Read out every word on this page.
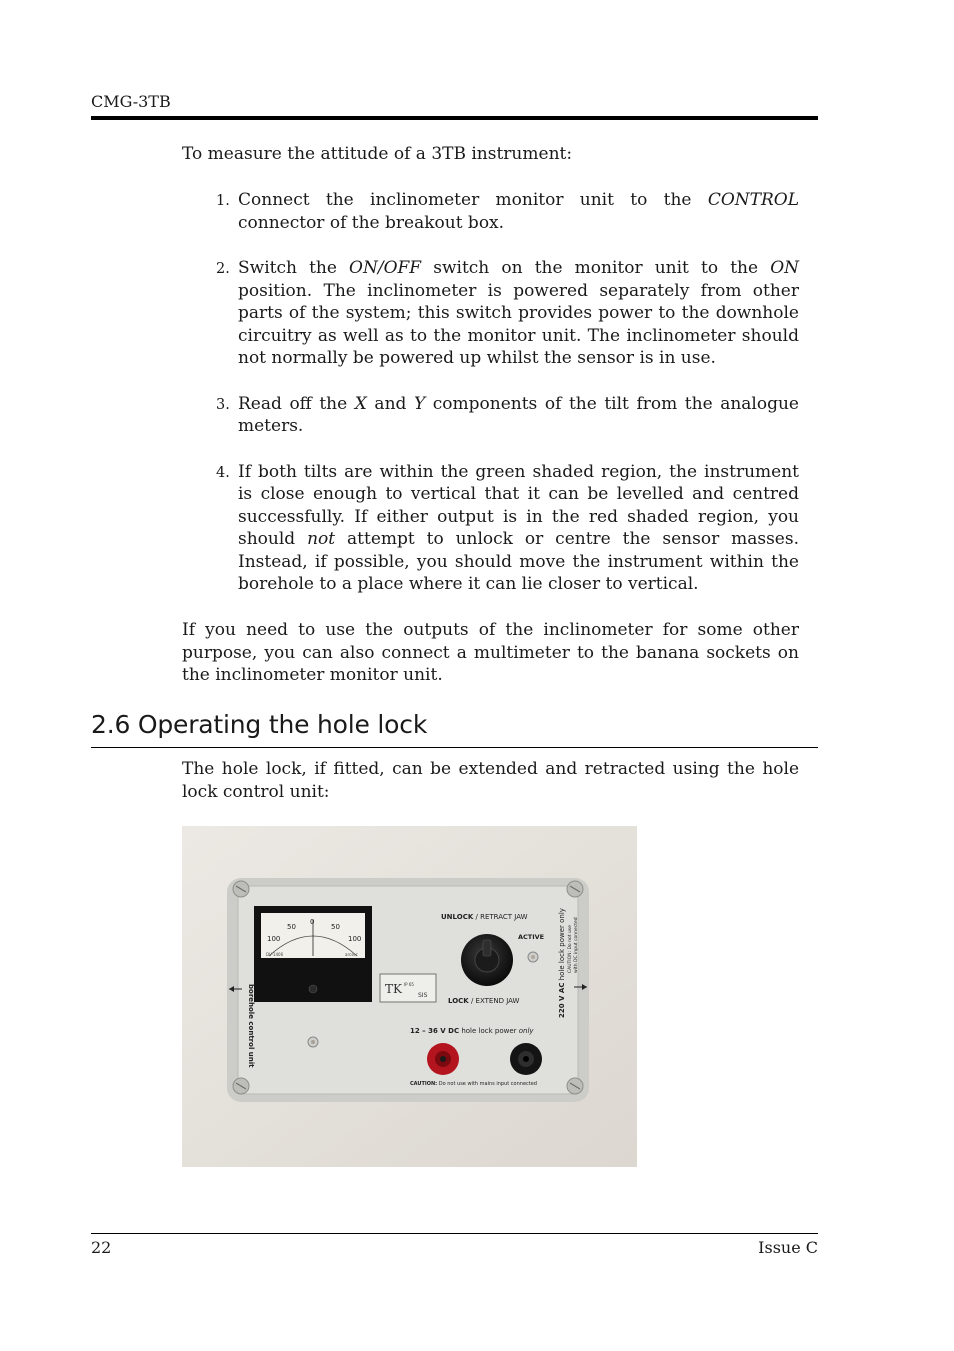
CMG-3TB

To measure the attitude of a 3TB instrument:

1. Connect the inclinometer monitor unit to the CONTROL connector of the breakout box.
2. Switch the ON/OFF switch on the monitor unit to the ON position. The inclinometer is powered separately from other parts of the system; this switch provides power to the downhole circuitry as well as to the monitor unit. The inclinometer should not normally be powered up whilst the sensor is in use.
3. Read off the X and Y components of the tilt from the analogue meters.
4. If both tilts are within the green shaded region, the instrument is close enough to vertical that it can be levelled and centred successfully. If either output is in the red shaded region, you should not attempt to unlock or centre the sensor masses. Instead, if possible, you should move the instrument within the borehole to a place where it can lie closer to vertical.

If you need to use the outputs of the inclinometer for some other purpose, you can also connect a multimeter to the banana sockets on the inclinometer monitor unit.

2.6 Operating the hole lock

The hole lock, if fitted, can be extended and retracted using the hole lock control unit:

100
50
0
50
100
DV-1406	arcsec
borehole control unit
UNLOCK / RETRACT JAW
ACTIVE
LOCK / EXTEND JAW
TK IP 65
SIS
12 – 36 V DC hole lock power only
CAUTION: Do not use with mains input connected
220 V AC hole lock power only CAUTION: Do not use with DC input connected
22	Issue C
